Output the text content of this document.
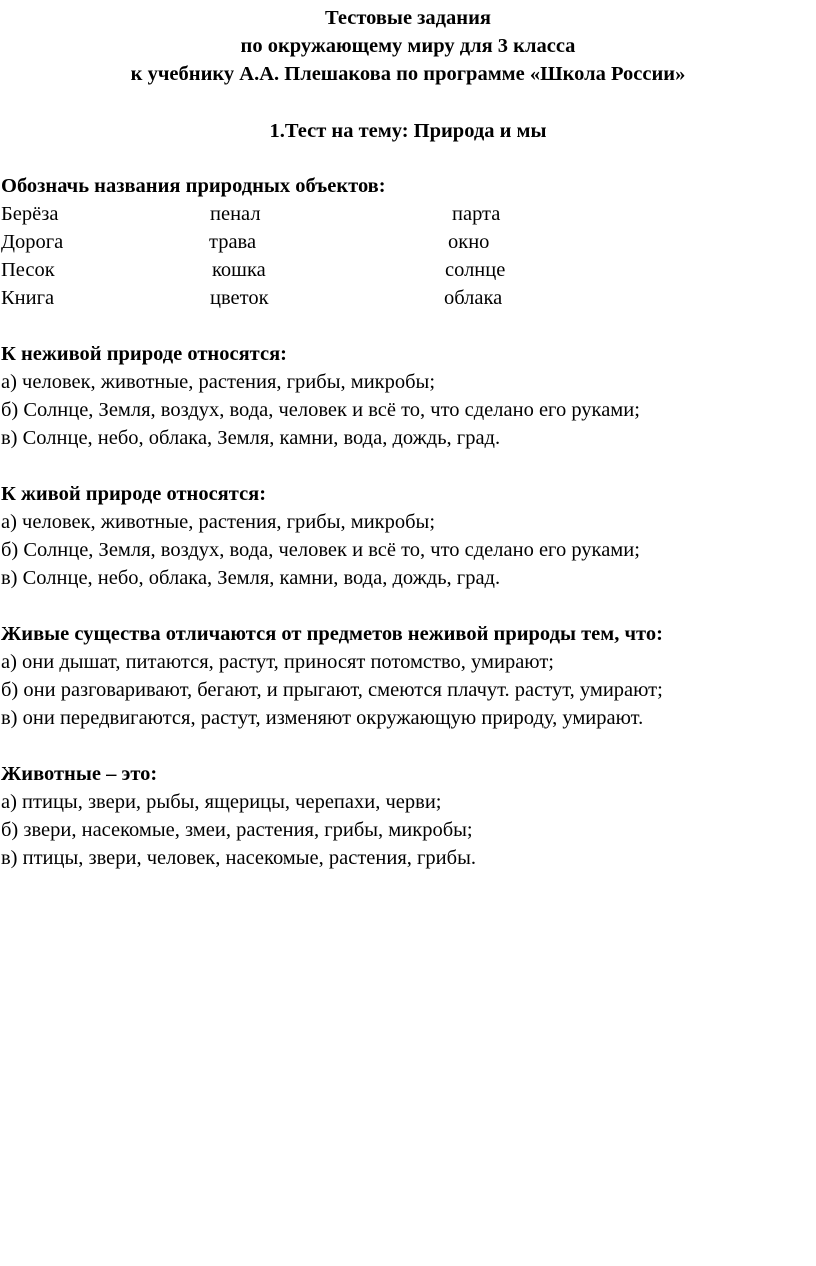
Тестовые задания
по окружающему миру для 3 класса
к учебнику А.А. Плешакова по программе «Школа России»
1.Тест на тему: Природа и мы
Обозначь названия природных объектов:
Берёза	пенал	парта
Дорога	трава	окно
Песок	кошка	солнце
Книга	цветок	облака
К неживой природе относятся:
а) человек, животные, растения, грибы, микробы;
б) Солнце, Земля, воздух, вода, человек и всё то, что сделано его руками;
в) Солнце, небо, облака, Земля, камни, вода, дождь, град.
К живой природе относятся:
а) человек, животные, растения, грибы, микробы;
б) Солнце, Земля, воздух, вода, человек и всё то, что сделано его руками;
в) Солнце, небо, облака, Земля, камни, вода, дождь, град.
Живые существа отличаются от предметов неживой природы тем, что:
а) они дышат, питаются, растут, приносят потомство, умирают;
б) они разговаривают, бегают, и прыгают, смеются плачут. растут, умирают;
в) они передвигаются, растут, изменяют окружающую природу, умирают.
Животные – это:
а) птицы, звери, рыбы, ящерицы, черепахи, черви;
б) звери, насекомые, змеи, растения, грибы, микробы;
в) птицы, звери, человек, насекомые, растения, грибы.
